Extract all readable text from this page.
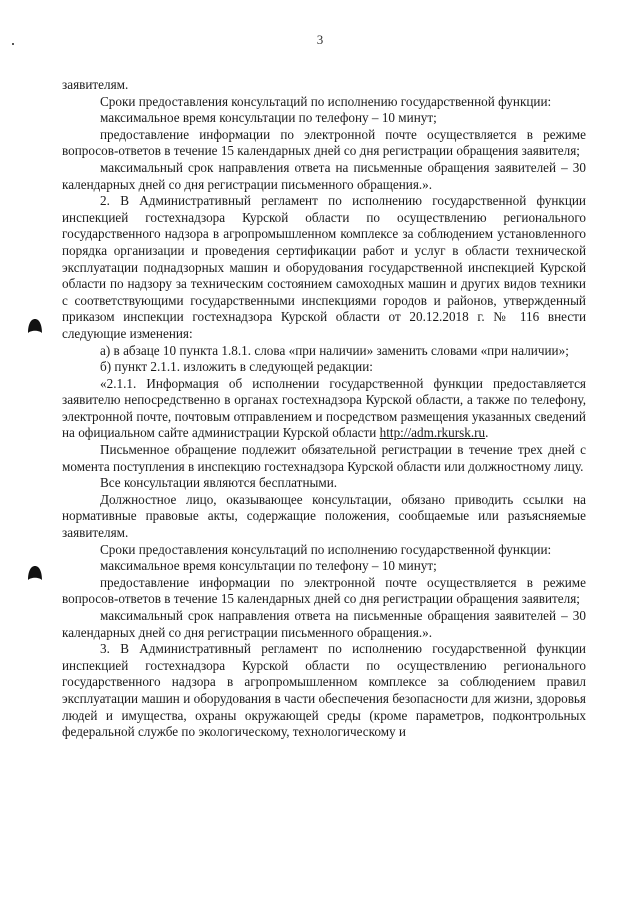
3

заявителям.

Сроки предоставления консультаций по исполнению государственной функции:

максимальное время консультации по телефону – 10 минут;

предоставление информации по электронной почте осуществляется в режиме вопросов-ответов в течение 15 календарных дней со дня регистрации обращения заявителя;

максимальный срок направления ответа на письменные обращения заявителей – 30 календарных дней со дня регистрации письменного обращения.».

2. В Административный регламент по исполнению государственной функции инспекцией гостехнадзора Курской области по осуществлению регионального государственного надзора в агропромышленном комплексе за соблюдением установленного порядка организации и проведения сертификации работ и услуг в области технической эксплуатации поднадзорных машин и оборудования государственной инспекцией Курской области по надзору за техническим состоянием самоходных машин и других видов техники с соответствующими государственными инспекциями городов и районов, утвержденный приказом инспекции гостехнадзора Курской области от 20.12.2018 г. № 116 внести следующие изменения:

а) в абзаце 10 пункта 1.8.1. слова «при наличии» заменить словами «при наличии»;

б) пункт 2.1.1. изложить в следующей редакции:

«2.1.1. Информация об исполнении государственной функции предоставляется заявителю непосредственно в органах гостехнадзора Курской области, а также по телефону, электронной почте, почтовым отправлением и посредством размещения указанных сведений на официальном сайте администрации Курской области http://adm.rkursk.ru.

Письменное обращение подлежит обязательной регистрации в течение трех дней с момента поступления в инспекцию гостехнадзора Курской области или должностному лицу.

Все консультации являются бесплатными.

Должностное лицо, оказывающее консультации, обязано приводить ссылки на нормативные правовые акты, содержащие положения, сообщаемые или разъясняемые заявителям.

Сроки предоставления консультаций по исполнению государственной функции:

максимальное время консультации по телефону – 10 минут;

предоставление информации по электронной почте осуществляется в режиме вопросов-ответов в течение 15 календарных дней со дня регистрации обращения заявителя;

максимальный срок направления ответа на письменные обращения заявителей – 30 календарных дней со дня регистрации письменного обращения.».

3. В Административный регламент по исполнению государственной функции инспекцией гостехнадзора Курской области по осуществлению регионального государственного надзора в агропромышленном комплексе за соблюдением правил эксплуатации машин и оборудования в части обеспечения безопасности для жизни, здоровья людей и имущества, охраны окружающей среды (кроме параметров, подконтрольных федеральной службе по экологическому, технологическому и
